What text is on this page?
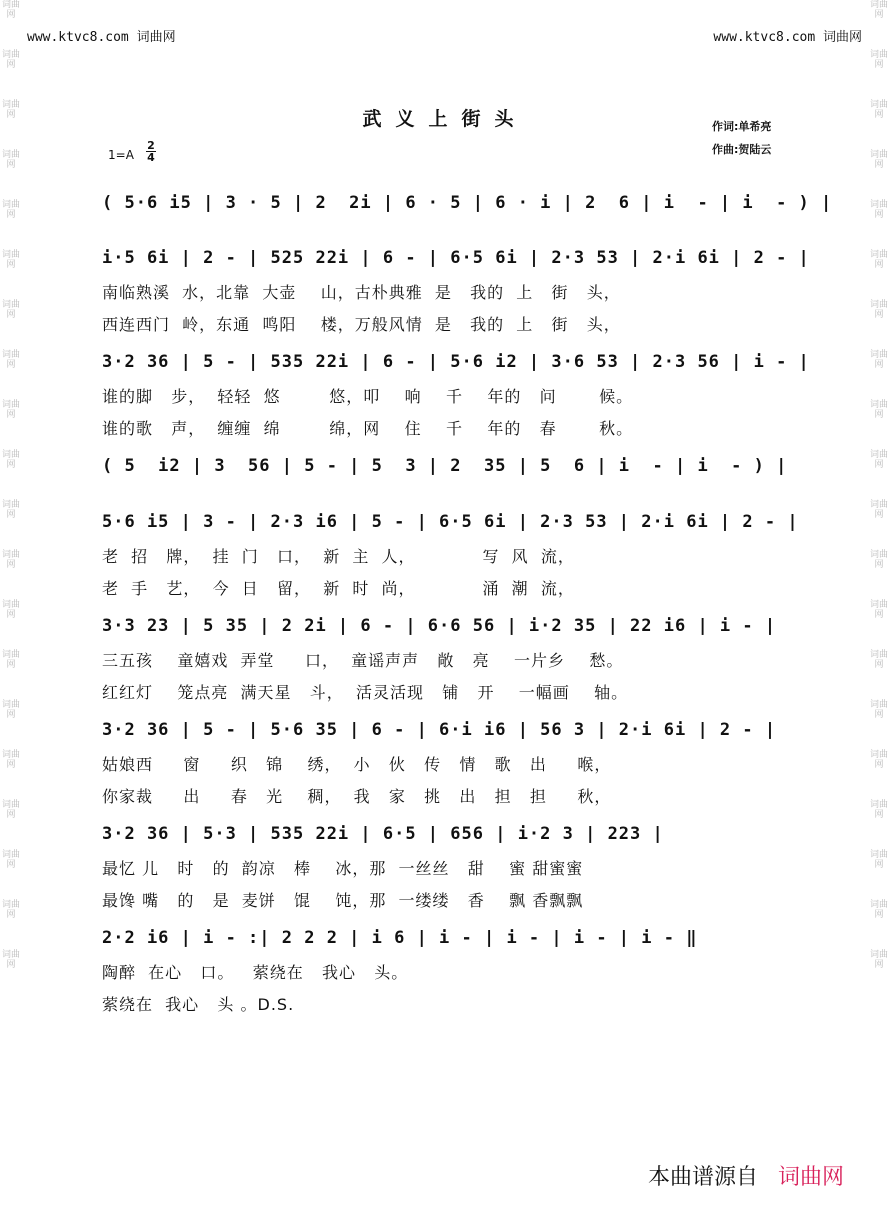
词曲网
词曲网
词曲网
词曲网
词曲网
词曲网
词曲网
词曲网
词曲网
词曲网
词曲网
词曲网
词曲网
词曲网
词曲网
词曲网
词曲网
词曲网
词曲网
词曲网
词曲网
词曲网
词曲网
词曲网
词曲网
词曲网
词曲网
词曲网
词曲网
词曲网
词曲网
词曲网
词曲网
词曲网
词曲网
词曲网
词曲网
词曲网
词曲网
词曲网
www.ktvc8.com 词曲网	www.ktvc8.com 词曲网
武义上街头	作词:单希亮
作曲:贺陆云
1=A
2
4
( 5·6 i5 | 3 · 5 | 2  2i | 6 · 5 | 6 · i | 2  6 | i  - | i  - ) |
i·5 6i | 2 - | 525 22i | 6 - | 6·5 6i | 2·3 53 | 2·i 6i | 2 - |
南临熟溪  水，北靠  大壶    山，古朴典雅  是   我的  上   街   头，
西连西门  岭，东通  鸣阳    楼，万般风情  是   我的  上   街   头，
3·2 36 | 5 - | 535 22i | 6 - | 5·6 i2 | 3·6 53 | 2·3 56 | i - |
谁的脚   步，  轻轻  悠        悠，叩    响    千    年的   问       候。
谁的歌   声，  缠缠  绵        绵，网    住    千    年的   春       秋。
( 5  i2 | 3  56 | 5 - | 5  3 | 2  35 | 5  6 | i  - | i  - ) |
5·6 i5 | 3 - | 2·3 i6 | 5 - | 6·5 6i | 2·3 53 | 2·i 6i | 2 - |
老  招   牌，  挂  门   口，  新  主  人，           写  风  流，
老  手   艺，  今  日   留，  新  时  尚，           涌  潮  流，
3·3 23 | 5 35 | 2 2i | 6 - | 6·6 56 | i·2 35 | 22 i6 | i - |
三五孩    童嬉戏  弄堂     口，  童谣声声   敞   亮    一片乡    愁。
红红灯    笼点亮  满天星   斗，  活灵活现   铺   开    一幅画    轴。
3·2 36 | 5 - | 5·6 35 | 6 - | 6·i i6 | 56 3 | 2·i 6i | 2 - |
姑娘西     窗     织   锦    绣，  小   伙   传   情   歌   出     喉，
你家裁     出     春   光    稠，  我   家   挑   出   担   担     秋，
3·2 36 | 5·3 | 535 22i | 6·5 | 656 | i·2 3 | 223 |
最忆 儿   时   的  韵凉   棒    冰，那  一丝丝   甜    蜜 甜蜜蜜
最馋 嘴   的   是  麦饼   馄    饨，那  一缕缕   香    飘 香飘飘
2·2 i6 | i - :| 2 2 2 | i 6 | i - | i - | i - | i - ‖
陶醉  在心   口。   萦绕在   我心   头。
萦绕在  我心   头 。D.S.
本曲谱源自 词曲网
